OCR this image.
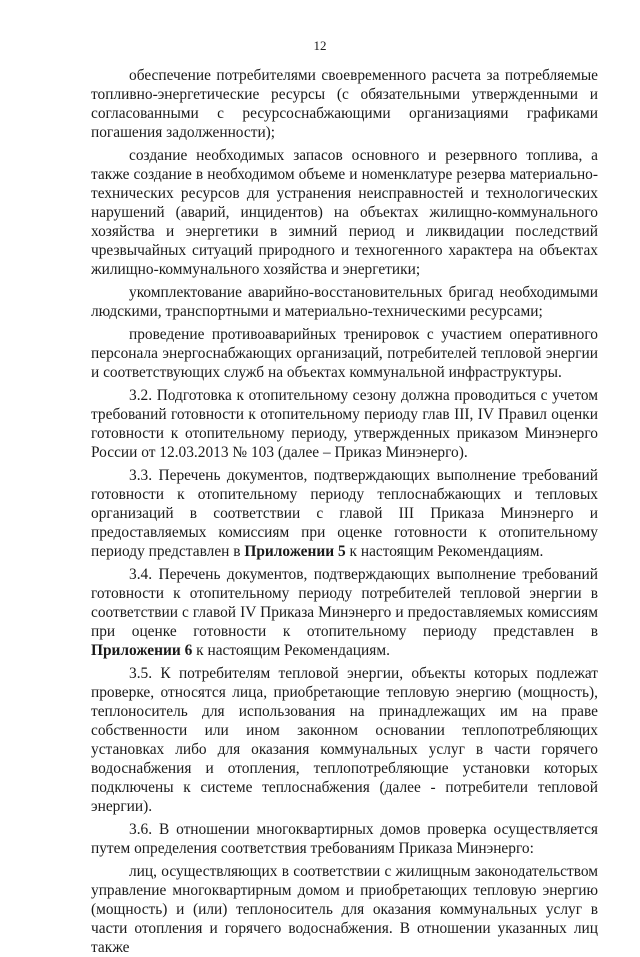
12

обеспечение потребителями своевременного расчета за потребляемые топливно-энергетические ресурсы (с обязательными утвержденными и согласованными с ресурсоснабжающими организациями графиками погашения задолженности);

создание необходимых запасов основного и резервного топлива, а также создание в необходимом объеме и номенклатуре резерва материально-технических ресурсов для устранения неисправностей и технологических нарушений (аварий, инцидентов) на объектах жилищно-коммунального хозяйства и энергетики в зимний период и ликвидации последствий чрезвычайных ситуаций природного и техногенного характера на объектах жилищно-коммунального хозяйства и энергетики;

укомплектование аварийно-восстановительных бригад необходимыми людскими, транспортными и материально-техническими ресурсами;

проведение противоаварийных тренировок с участием оперативного персонала энергоснабжающих организаций, потребителей тепловой энергии и соответствующих служб на объектах коммунальной инфраструктуры.

3.2. Подготовка к отопительному сезону должна проводиться с учетом требований готовности к отопительному периоду глав III, IV Правил оценки готовности к отопительному периоду, утвержденных приказом Минэнерго России от 12.03.2013 № 103 (далее – Приказ Минэнерго).

3.3. Перечень документов, подтверждающих выполнение требований готовности к отопительному периоду теплоснабжающих и тепловых организаций в соответствии с главой III Приказа Минэнерго и предоставляемых комиссиям при оценке готовности к отопительному периоду представлен в Приложении 5 к настоящим Рекомендациям.

3.4. Перечень документов, подтверждающих выполнение требований готовности к отопительному периоду потребителей тепловой энергии в соответствии с главой IV Приказа Минэнерго и предоставляемых комиссиям при оценке готовности к отопительному периоду представлен в Приложении 6 к настоящим Рекомендациям.

3.5. К потребителям тепловой энергии, объекты которых подлежат проверке, относятся лица, приобретающие тепловую энергию (мощность), теплоноситель для использования на принадлежащих им на праве собственности или ином законном основании теплопотребляющих установках либо для оказания коммунальных услуг в части горячего водоснабжения и отопления, теплопотребляющие установки которых подключены к системе теплоснабжения (далее - потребители тепловой энергии).

3.6. В отношении многоквартирных домов проверка осуществляется путем определения соответствия требованиям Приказа Минэнерго:

лиц, осуществляющих в соответствии с жилищным законодательством управление многоквартирным домом и приобретающих тепловую энергию (мощность) и (или) теплоноситель для оказания коммунальных услуг в части отопления и горячего водоснабжения. В отношении указанных лиц также
